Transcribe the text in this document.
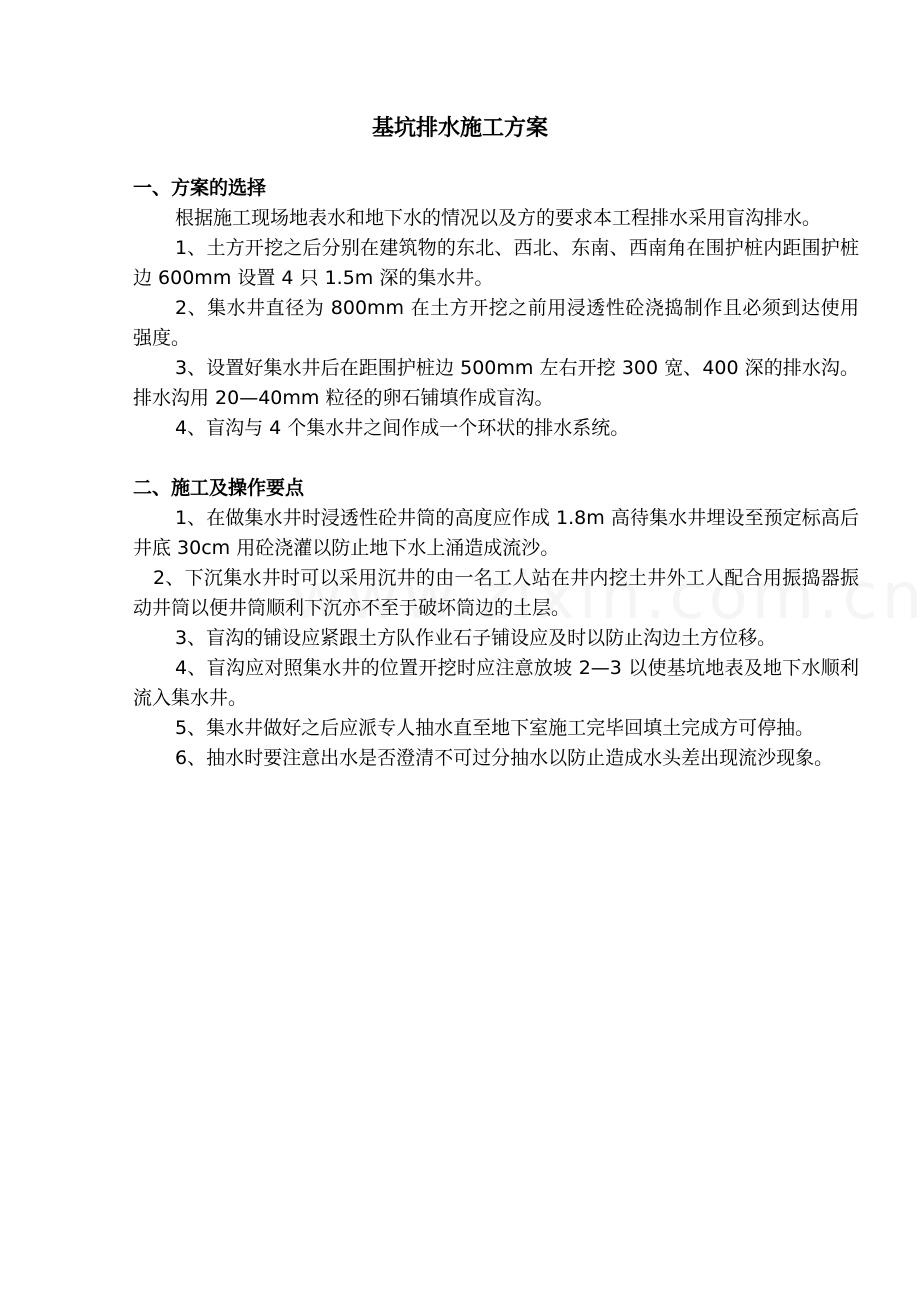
基坑排水施工方案
一、方案的选择

根据施工现场地表水和地下水的情况以及方的要求本工程排水采用盲沟排水。

1、土方开挖之后分别在建筑物的东北、西北、东南、西南角在围护桩内距围护桩边 600mm 设置 4 只 1.5m 深的集水井。

2、集水井直径为 800mm 在土方开挖之前用浸透性砼浇捣制作且必须到达使用强度。

3、设置好集水井后在距围护桩边 500mm 左右开挖 300 宽、400 深的排水沟。排水沟用 20—40mm 粒径的卵石铺填作成盲沟。

4、盲沟与 4 个集水井之间作成一个环状的排水系统。

二、施工及操作要点

1、在做集水井时浸透性砼井筒的高度应作成 1.8m 高待集水井埋设至预定标高后井底 30cm 用砼浇灌以防止地下水上涌造成流沙。

2、下沉集水井时可以采用沉井的由一名工人站在井内挖土井外工人配合用振捣器振动井筒以便井筒顺利下沉亦不至于破坏筒边的土层。

3、盲沟的铺设应紧跟土方队作业石子铺设应及时以防止沟边土方位移。

4、盲沟应对照集水井的位置开挖时应注意放坡 2—3 以使基坑地表及地下水顺利流入集水井。

5、集水井做好之后应派专人抽水直至地下室施工完毕回填土完成方可停抽。

6、抽水时要注意出水是否澄清不可过分抽水以防止造成水头差出现流沙现象。
